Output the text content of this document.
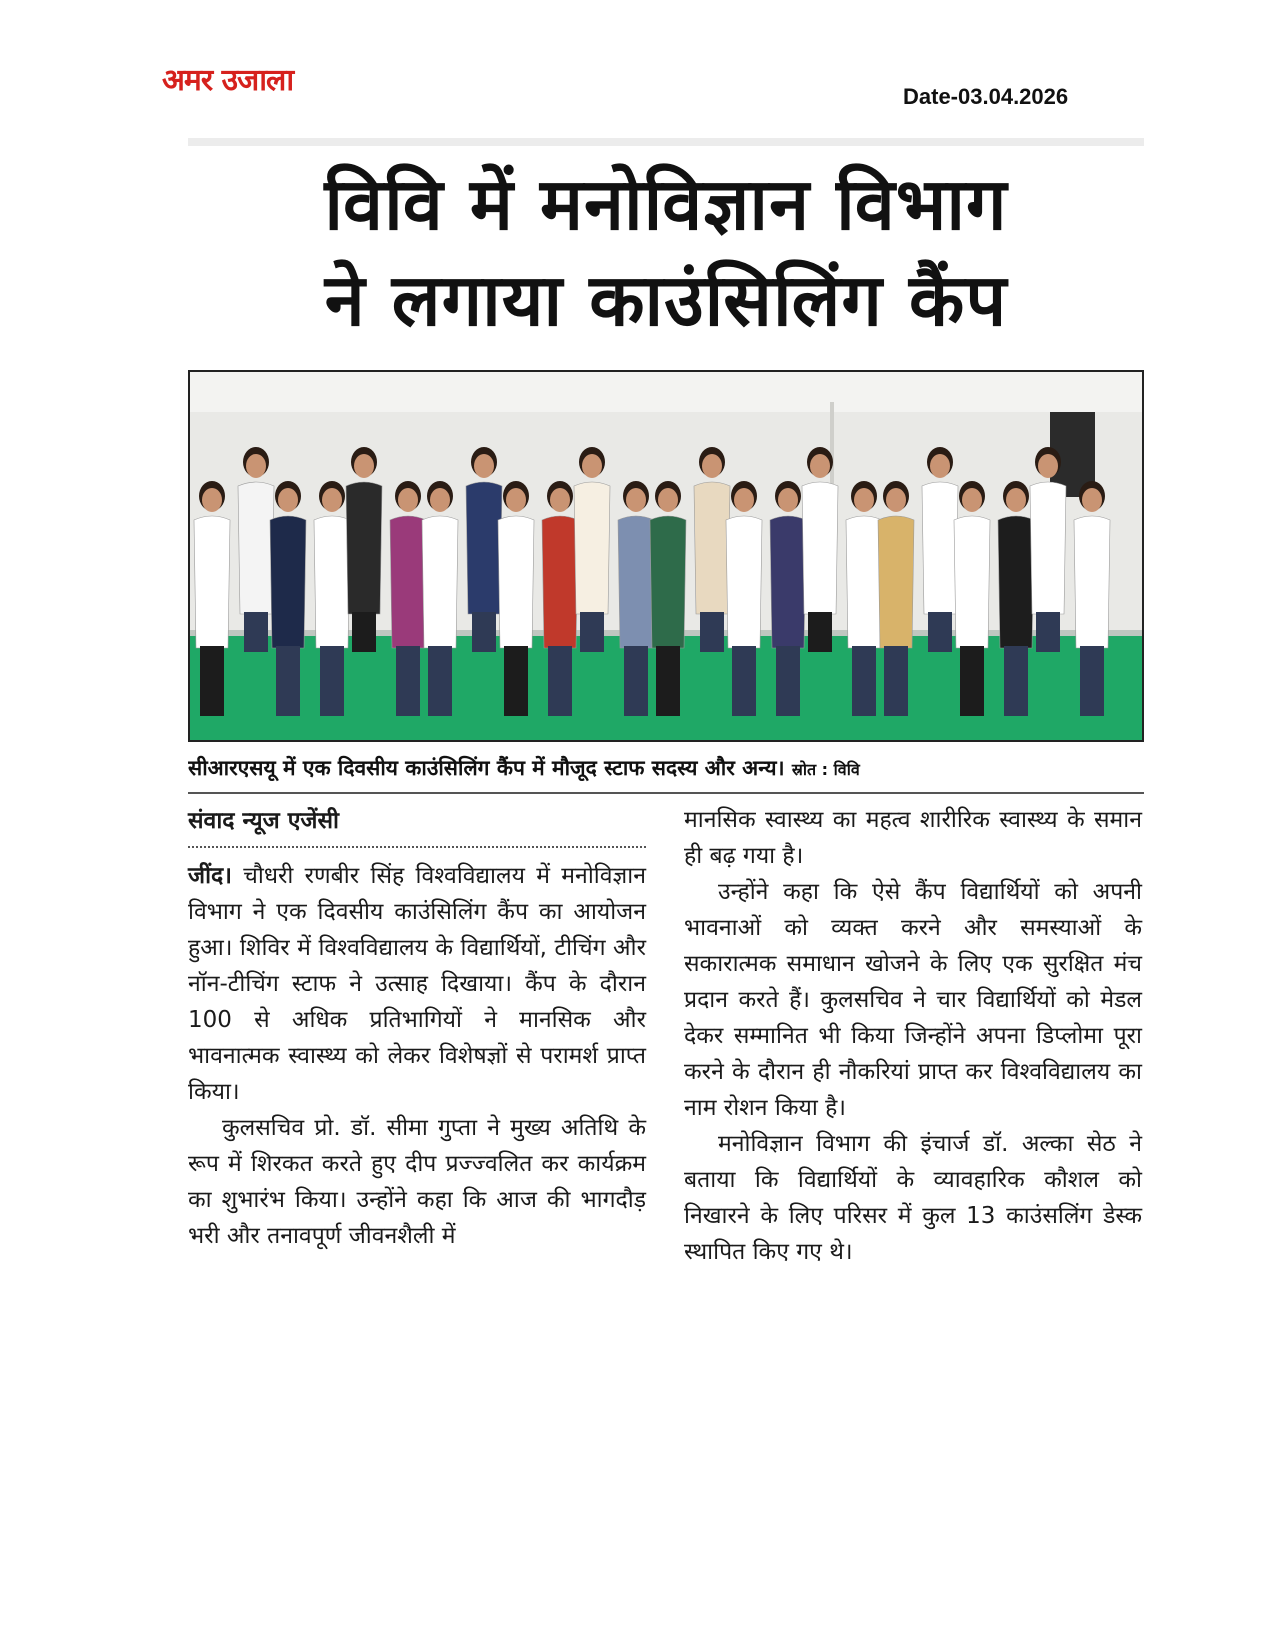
अमर उजाला	Date-03.04.2026
विवि में मनोविज्ञान विभाग
ने लगाया काउंसिलिंग कैंप
सीआरएसयू में एक दिवसीय काउंसिलिंग कैंप में मौजूद स्टाफ सदस्य और अन्य। स्रोत : विवि
संवाद न्यूज एजेंसी

जींद। चौधरी रणबीर सिंह विश्वविद्यालय में मनोविज्ञान विभाग ने एक दिवसीय काउंसिलिंग कैंप का आयोजन हुआ। शिविर में विश्वविद्यालय के विद्यार्थियों, टीचिंग और नॉन-टीचिंग स्टाफ ने उत्साह दिखाया। कैंप के दौरान 100 से अधिक प्रतिभागियों ने मानसिक और भावनात्मक स्वास्थ्य को लेकर विशेषज्ञों से परामर्श प्राप्त किया।

कुलसचिव प्रो. डॉ. सीमा गुप्ता ने मुख्य अतिथि के रूप में शिरकत करते हुए दीप प्रज्ज्वलित कर कार्यक्रम का शुभारंभ किया। उन्होंने कहा कि आज की भागदौड़ भरी और तनावपूर्ण जीवनशैली में

मानसिक स्वास्थ्य का महत्व शारीरिक स्वास्थ्य के समान ही बढ़ गया है।

उन्होंने कहा कि ऐसे कैंप विद्यार्थियों को अपनी भावनाओं को व्यक्त करने और समस्याओं के सकारात्मक समाधान खोजने के लिए एक सुरक्षित मंच प्रदान करते हैं। कुलसचिव ने चार विद्यार्थियों को मेडल देकर सम्मानित भी किया जिन्होंने अपना डिप्लोमा पूरा करने के दौरान ही नौकरियां प्राप्त कर विश्वविद्यालय का नाम रोशन किया है।

मनोविज्ञान विभाग की इंचार्ज डॉ. अल्का सेठ ने बताया कि विद्यार्थियों के व्यावहारिक कौशल को निखारने के लिए परिसर में कुल 13 काउंसलिंग डेस्क स्थापित किए गए थे।
